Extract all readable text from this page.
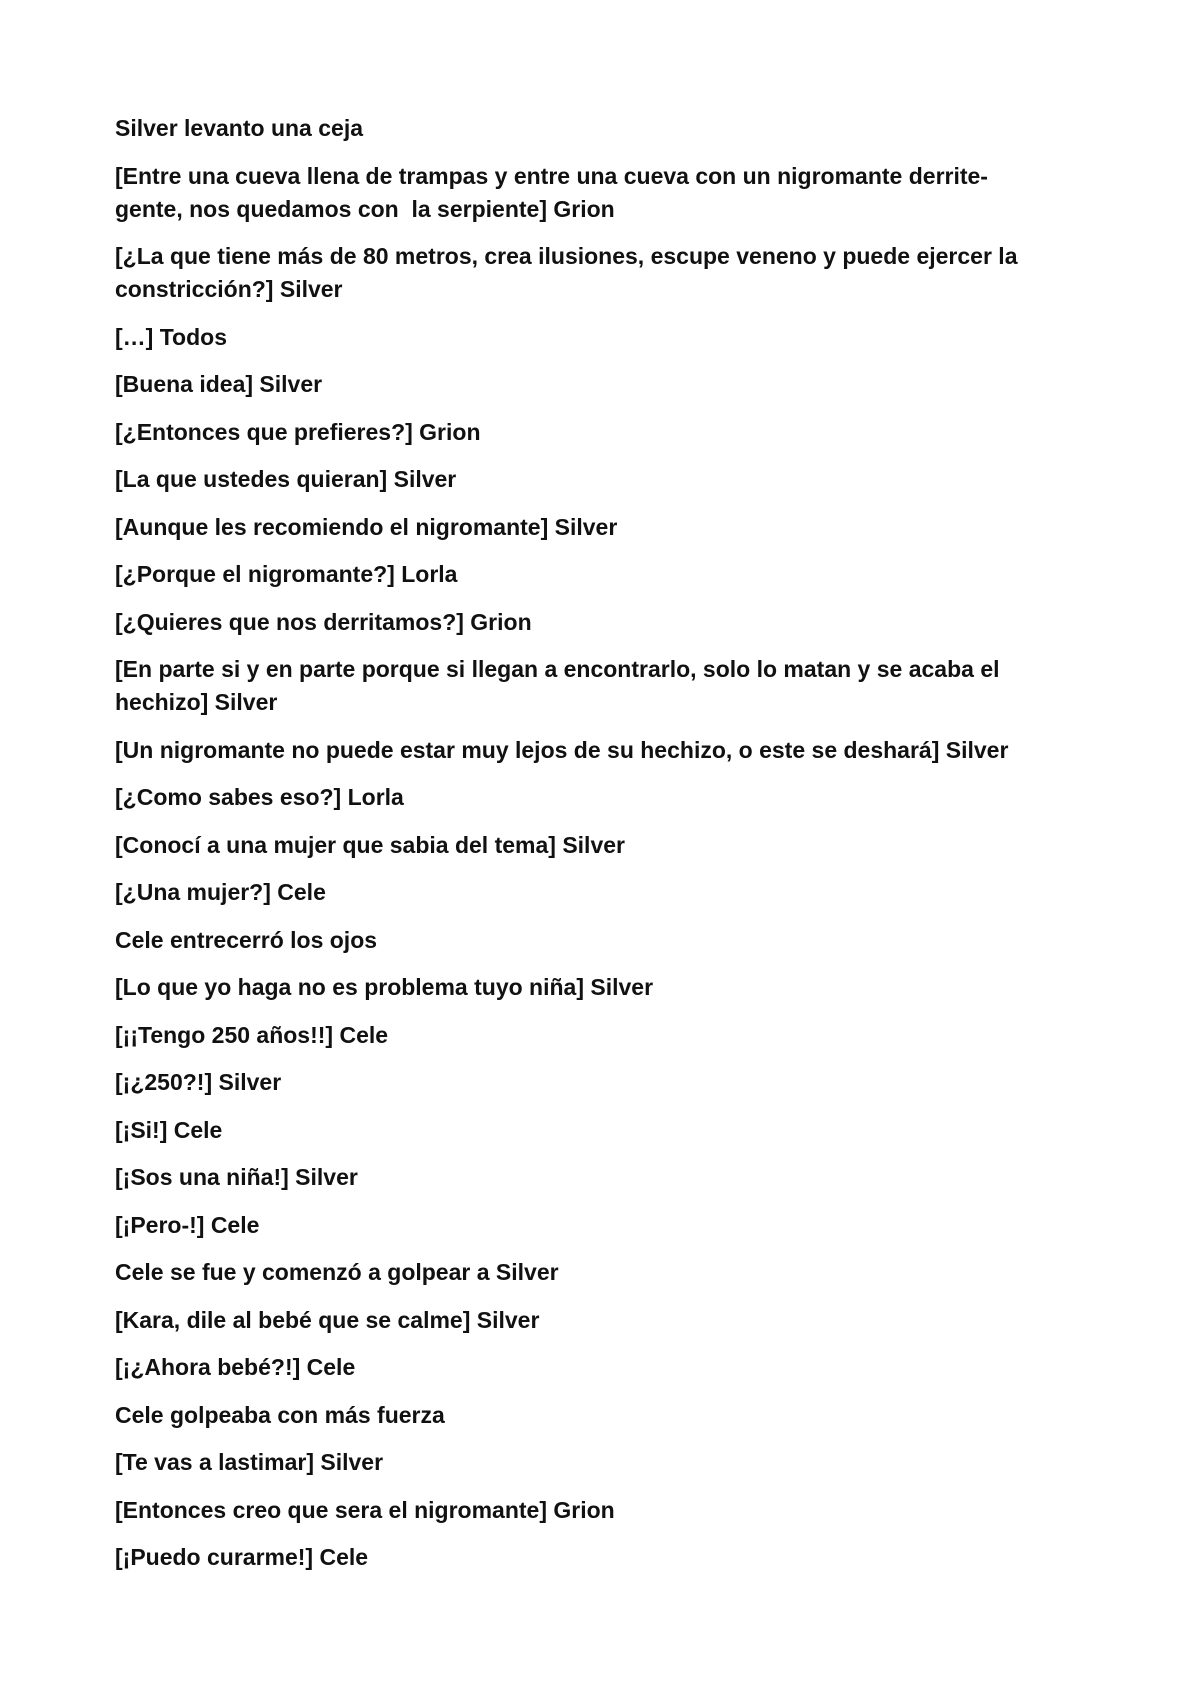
Silver levanto una ceja

[Entre una cueva llena de trampas y entre una cueva con un nigromante derrite-
gente, nos quedamos con  la serpiente] Grion

[¿La que tiene más de 80 metros, crea ilusiones, escupe veneno y puede ejercer la
constricción?] Silver

[…] Todos

[Buena idea] Silver

[¿Entonces que prefieres?] Grion

[La que ustedes quieran] Silver

[Aunque les recomiendo el nigromante] Silver

[¿Porque el nigromante?] Lorla

[¿Quieres que nos derritamos?] Grion

[En parte si y en parte porque si llegan a encontrarlo, solo lo matan y se acaba el
hechizo] Silver

[Un nigromante no puede estar muy lejos de su hechizo, o este se deshará] Silver

[¿Como sabes eso?] Lorla

[Conocí a una mujer que sabia del tema] Silver

[¿Una mujer?] Cele

Cele entrecerró los ojos

[Lo que yo haga no es problema tuyo niña] Silver

[¡¡Tengo 250 años!!] Cele

[¡¿250?!] Silver

[¡Si!] Cele

[¡Sos una niña!] Silver

[¡Pero-!] Cele

Cele se fue y comenzó a golpear a Silver

[Kara, dile al bebé que se calme] Silver

[¡¿Ahora bebé?!] Cele

Cele golpeaba con más fuerza

[Te vas a lastimar] Silver

[Entonces creo que sera el nigromante] Grion

[¡Puedo curarme!] Cele
